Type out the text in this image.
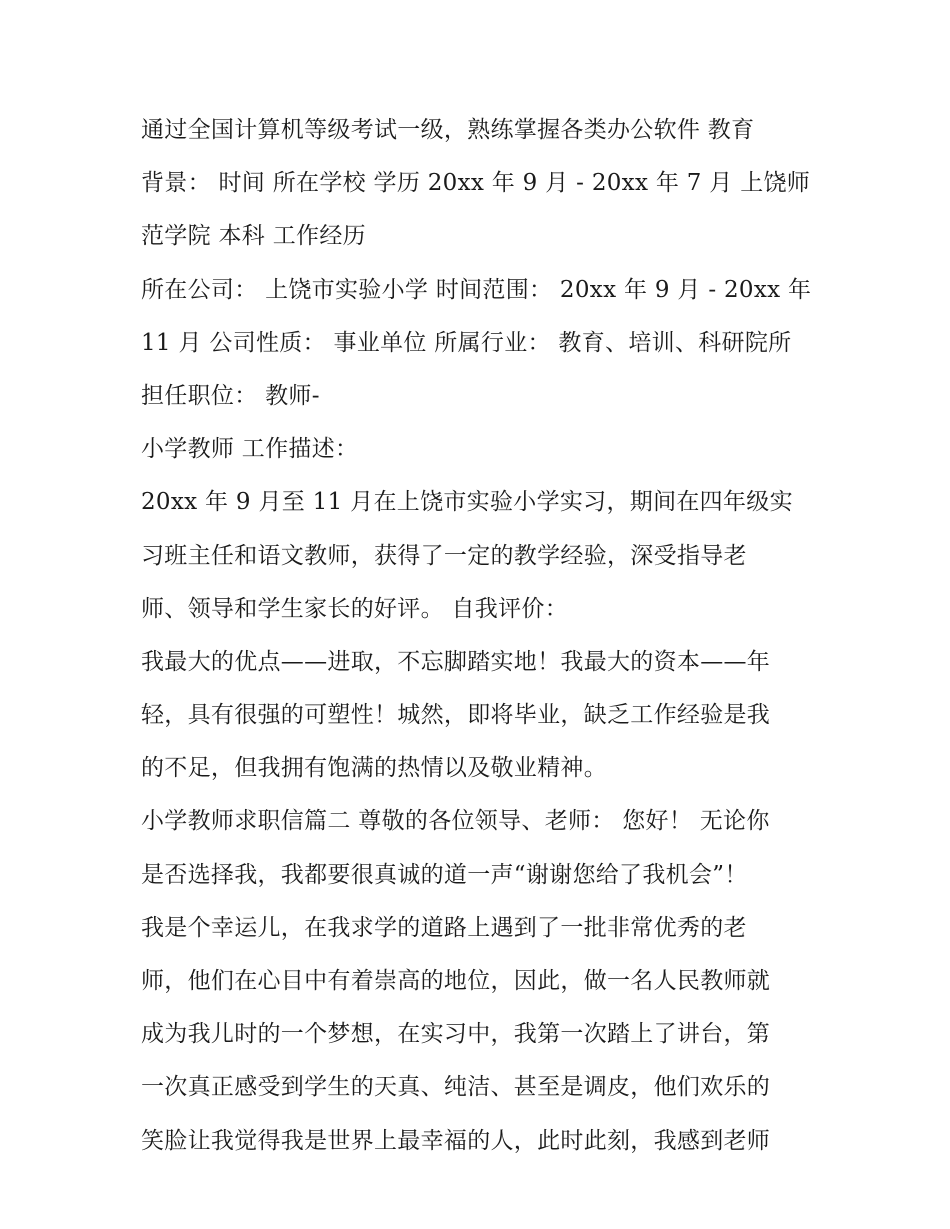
通过全国计算机等级考试一级，熟练掌握各类办公软件 教育
背景： 时间 所在学校 学历 20xx 年 9 月 - 20xx 年 7 月 上饶师
范学院 本科 工作经历
所在公司： 上饶市实验小学 时间范围： 20xx 年 9 月 - 20xx 年
11 月 公司性质： 事业单位 所属行业： 教育、培训、科研院所
担任职位： 教师-
小学教师 工作描述：
20xx 年 9 月至 11 月在上饶市实验小学实习，期间在四年级实
习班主任和语文教师，获得了一定的教学经验，深受指导老
师、领导和学生家长的好评。 自我评价：
我最大的优点——进取，不忘脚踏实地！我最大的资本——年
轻，具有很强的可塑性！城然，即将毕业，缺乏工作经验是我
的不足，但我拥有饱满的热情以及敬业精神。
小学教师求职信篇二 尊敬的各位领导、老师： 您好！ 无论你
是否选择我，我都要很真诚的道一声“谢谢您给了我机会”！
我是个幸运儿，在我求学的道路上遇到了一批非常优秀的老
师，他们在心目中有着崇高的地位，因此，做一名人民教师就
成为我儿时的一个梦想，在实习中，我第一次踏上了讲台，第
一次真正感受到学生的天真、纯洁、甚至是调皮，他们欢乐的
笑脸让我觉得我是世界上最幸福的人，此时此刻，我感到老师
